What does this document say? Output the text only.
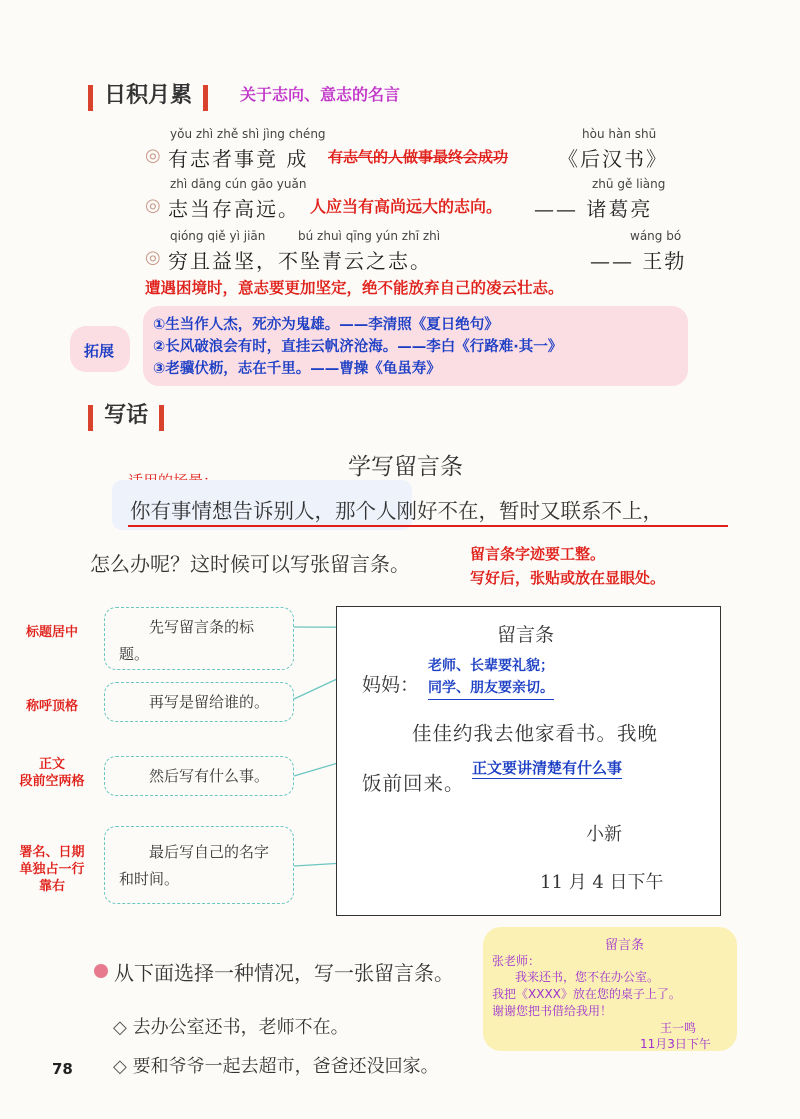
日积月累	关于志向、意志的名言
yǒu zhì zhě shì jìng chéng	hòu hàn shū
◎ 有志者事竟 成 有志气的人做事最终会成功 《后汉书》
zhì dāng cún gāo yuǎn	zhū gě liàng
◎ 志当存高远。 人应当有高尚远大的志向。 —— 诸葛亮
qióng qiě yì jiān	bú zhuì qīng yún zhī zhì	wáng bó
◎ 穷且益坚，不坠青云之志。	—— 王勃
遭遇困境时，意志要更加坚定，绝不能放弃自己的凌云壮志。
拓展
①生当作人杰，死亦为鬼雄。——李清照《夏日绝句》
②长风破浪会有时，直挂云帆济沧海。——李白《行路难·其一》
③老骥伏枥，志在千里。——曹操《龟虽寿》
写话
学写留言条
你有事情想告诉别人，那个人刚好不在，暂时又联系不上，
怎么办呢？这时候可以写张留言条。	留言条字迹要工整。
写好后，张贴或放在显眼处。
先写留言条的标题。
再写是留给谁的。
然后写有什么事。
最后写自己的名字和时间。
标题居中
称呼顶格
正文
段前空两格
署名、日期
单独占一行
靠右
留言条
妈妈：
老师、长辈要礼貌；
同学、朋友要亲切。
佳佳约我去他家看书。我晚
饭前回来。
正文要讲清楚有什么事
小新
11 月 4 日下午
从下面选择一种情况，写一张留言条。
◇ 去办公室还书，老师不在。
◇ 要和爷爷一起去超市，爸爸还没回家。
留言条
张老师：
我来还书，您不在办公室。
我把《XXXX》放在您的桌子上了。
谢谢您把书借给我用！
王一鸣
11月3日下午
78
